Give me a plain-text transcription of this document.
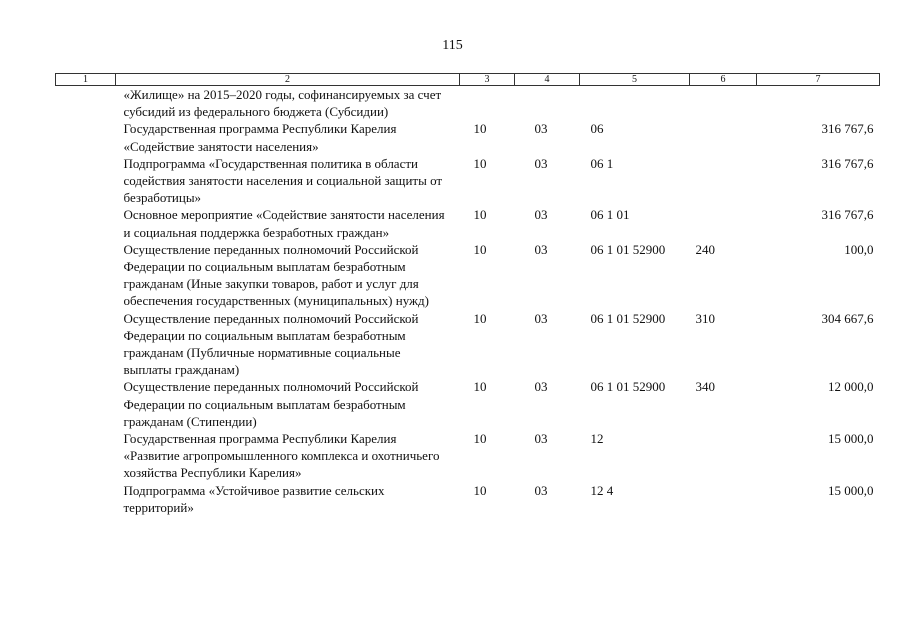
115
1	2	3	4	5	6	7
	«Жилище» на 2015–2020 годы, софинансируемых за счет субсидий из федерального бюджета (Субсидии)					
	Государственная программа Республики Карелия «Содействие занятости населения»	10	03	06		316 767,6
	Подпрограмма «Государственная политика в области содействия занятости населения и социальной защиты от безработицы»	10	03	06 1		316 767,6
	Основное мероприятие «Содействие занятости населения и социальная поддержка безработных граждан»	10	03	06 1 01		316 767,6
	Осуществление переданных полномочий Российской Федерации по социальным выплатам безработным гражданам (Иные закупки товаров, работ и услуг для обеспечения государственных (муниципальных) нужд)	10	03	06 1 01 52900	240	100,0
	Осуществление переданных полномочий Российской Федерации по социальным выплатам безработным гражданам (Публичные нормативные социальные выплаты гражданам)	10	03	06 1 01 52900	310	304 667,6
	Осуществление переданных полномочий Российской Федерации по социальным выплатам безработным гражданам (Стипендии)	10	03	06 1 01 52900	340	12 000,0
	Государственная программа Республики Карелия «Развитие агропромышленного комплекса и охотничьего хозяйства Республики Карелия»	10	03	12		15 000,0
	Подпрограмма «Устойчивое развитие сельских территорий»	10	03	12 4		15 000,0
